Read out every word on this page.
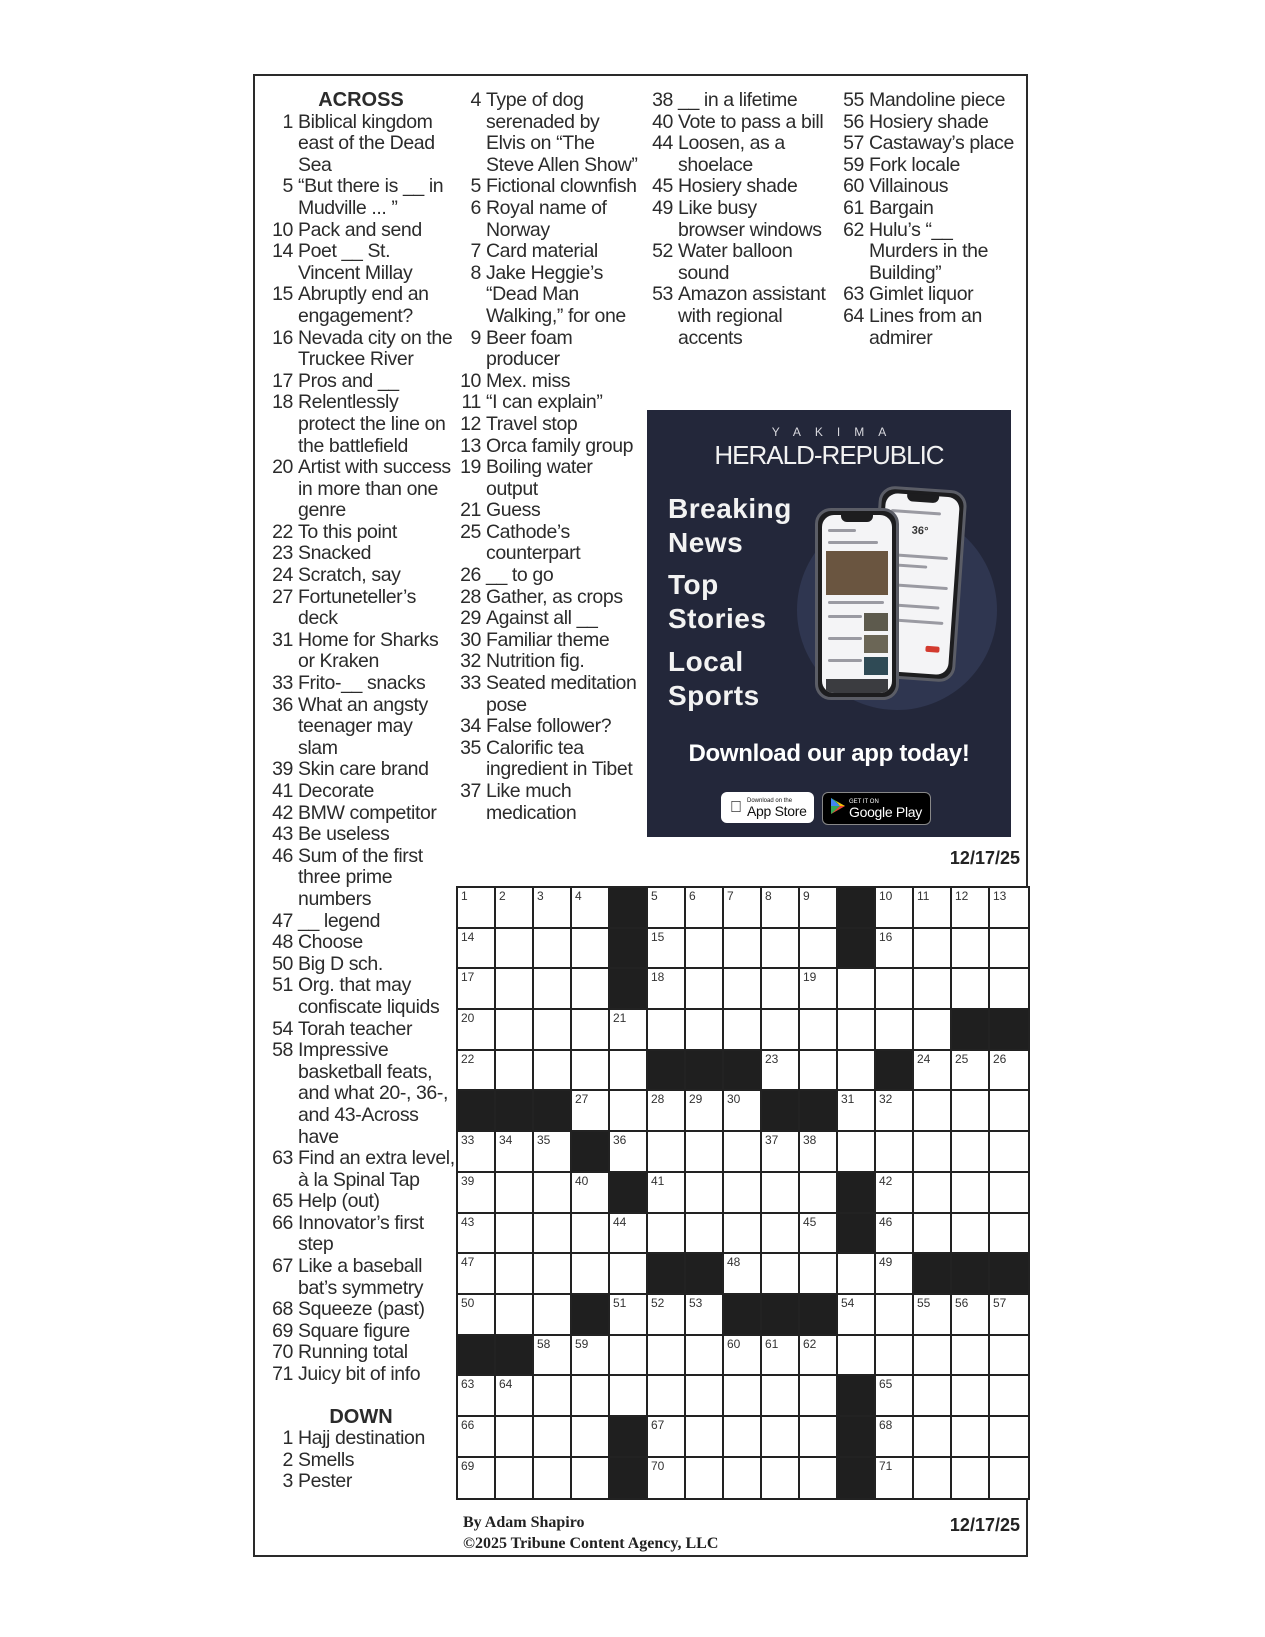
ACROSS
1 Biblical kingdom east of the Dead Sea
5 “But there is __ in Mudville ... ”
10 Pack and send
14 Poet __ St. Vincent Millay
15 Abruptly end an engagement?
16 Nevada city on the Truckee River
17 Pros and __
18 Relentlessly protect the line on the battlefield
20 Artist with success in more than one genre
22 To this point
23 Snacked
24 Scratch, say
27 Fortuneteller’s deck
31 Home for Sharks or Kraken
33 Frito-__ snacks
36 What an angsty teenager may slam
39 Skin care brand
41 Decorate
42 BMW competitor
43 Be useless
46 Sum of the first three prime numbers
47 __ legend
48 Choose
50 Big D sch.
51 Org. that may confiscate liquids
54 Torah teacher
58 Impressive basketball feats, and what 20-, 36-, and 43-Across have
63 Find an extra level, à la Spinal Tap
65 Help (out)
66 Innovator’s first step
67 Like a baseball bat’s symmetry
68 Squeeze (past)
69 Square figure
70 Running total
71 Juicy bit of info
DOWN
1 Hajj destination
2 Smells
3 Pester
4 Type of dog serenaded by Elvis on “The Steve Allen Show”
5 Fictional clownfish
6 Royal name of Norway
7 Card material
8 Jake Heggie’s “Dead Man Walking,” for one
9 Beer foam producer
10 Mex. miss
11 “I can explain”
12 Travel stop
13 Orca family group
19 Boiling water output
21 Guess
25 Cathode’s counterpart
26 __ to go
28 Gather, as crops
29 Against all __
30 Familiar theme
32 Nutrition fig.
33 Seated meditation pose
34 False follower?
35 Calorific tea ingredient in Tibet
37 Like much medication
38 __ in a lifetime
40 Vote to pass a bill
44 Loosen, as a shoelace
45 Hosiery shade
49 Like busy browser windows
52 Water balloon sound
53 Amazon assistant with regional accents
55 Mandoline piece
56 Hosiery shade
57 Castaway’s place
59 Fork locale
60 Villainous
61 Bargain
62 Hulu’s “__ Murders in the Building”
63 Gimlet liquor
64 Lines from an admirer
YAKIMA
HERALD-REPUBLIC
Breaking
News
Top
Stories
Local
Sports
36°
Download our app today!
Download on the
App Store
GET IT ON
Google Play
12/17/25
1	2	3	4	5	6	7	8	9	10 11 12 13
14	15	16
17	18	19
20	21
22	23	24 25 26
27	28 29 30	31 32
33 34 35	36	37 38
39	40	41	42
43	44	45	46
47	48	49
50	51 52 53	54	55 56 57
58 59	60 61 62
63 64	65
66	67	68
69	70	71
By Adam Shapiro
©2025 Tribune Content Agency, LLC
12/17/25
